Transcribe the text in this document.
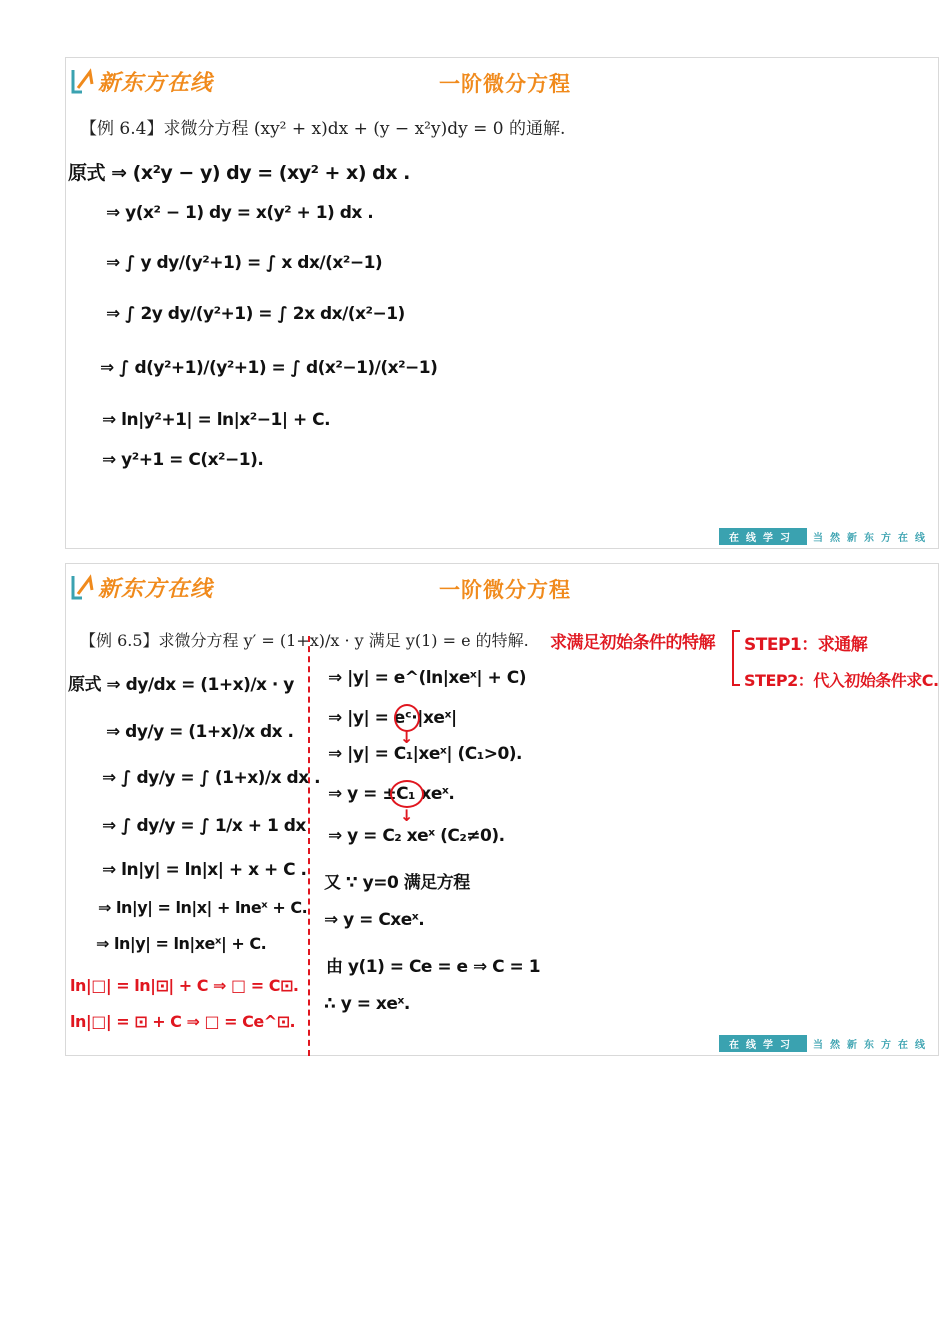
新东方在线	一阶微分方程
【例 6.4】求微分方程 (xy² + x)dx + (y − x²y)dy = 0 的通解.
原式 ⇒ (x²y − y) dy = (xy² + x) dx .
⇒ y(x² − 1) dy = x(y² + 1) dx .
⇒ ∫ y dy/(y²+1) = ∫ x dx/(x²−1)
⇒ ∫ 2y dy/(y²+1) = ∫ 2x dx/(x²−1)
⇒ ∫ d(y²+1)/(y²+1) = ∫ d(x²−1)/(x²−1)
⇒ ln|y²+1| = ln|x²−1| + C.
⇒ y²+1 = C(x²−1).
在线学习	当然新东方在线
新东方在线	一阶微分方程
【例 6.5】求微分方程 y′ = (1+x)/x · y 满足 y(1) = e 的特解. 求满足初始条件的特解 STEP1：求通解
STEP2：代入初始条件求C.
原式 ⇒ dy/dx = (1+x)/x · y
⇒ dy/y = (1+x)/x dx .
⇒ ∫ dy/y = ∫ (1+x)/x dx .
⇒ ∫ dy/y = ∫ 1/x + 1 dx
⇒ ln|y| = ln|x| + x + C .
⇒ ln|y| = ln|x| + lneˣ + C.
⇒ ln|y| = ln|xeˣ| + C.
ln|□| = ln|⊡| + C ⇒ □ = C⊡.
ln|□| = ⊡ + C ⇒ □ = Ce^⊡.
⇒ |y| = e^(ln|xeˣ| + C)
⇒ |y| = eᶜ·|xeˣ|
⇒ |y| = C₁|xeˣ| (C₁>0).
⇒ y = ±C₁ xeˣ.
⇒ y = C₂ xeˣ (C₂≠0).
又 ∵ y=0 满足方程
⇒ y = Cxeˣ.
由 y(1) = Ce = e ⇒ C = 1
∴ y = xeˣ.
↓
↓
在线学习	当然新东方在线
